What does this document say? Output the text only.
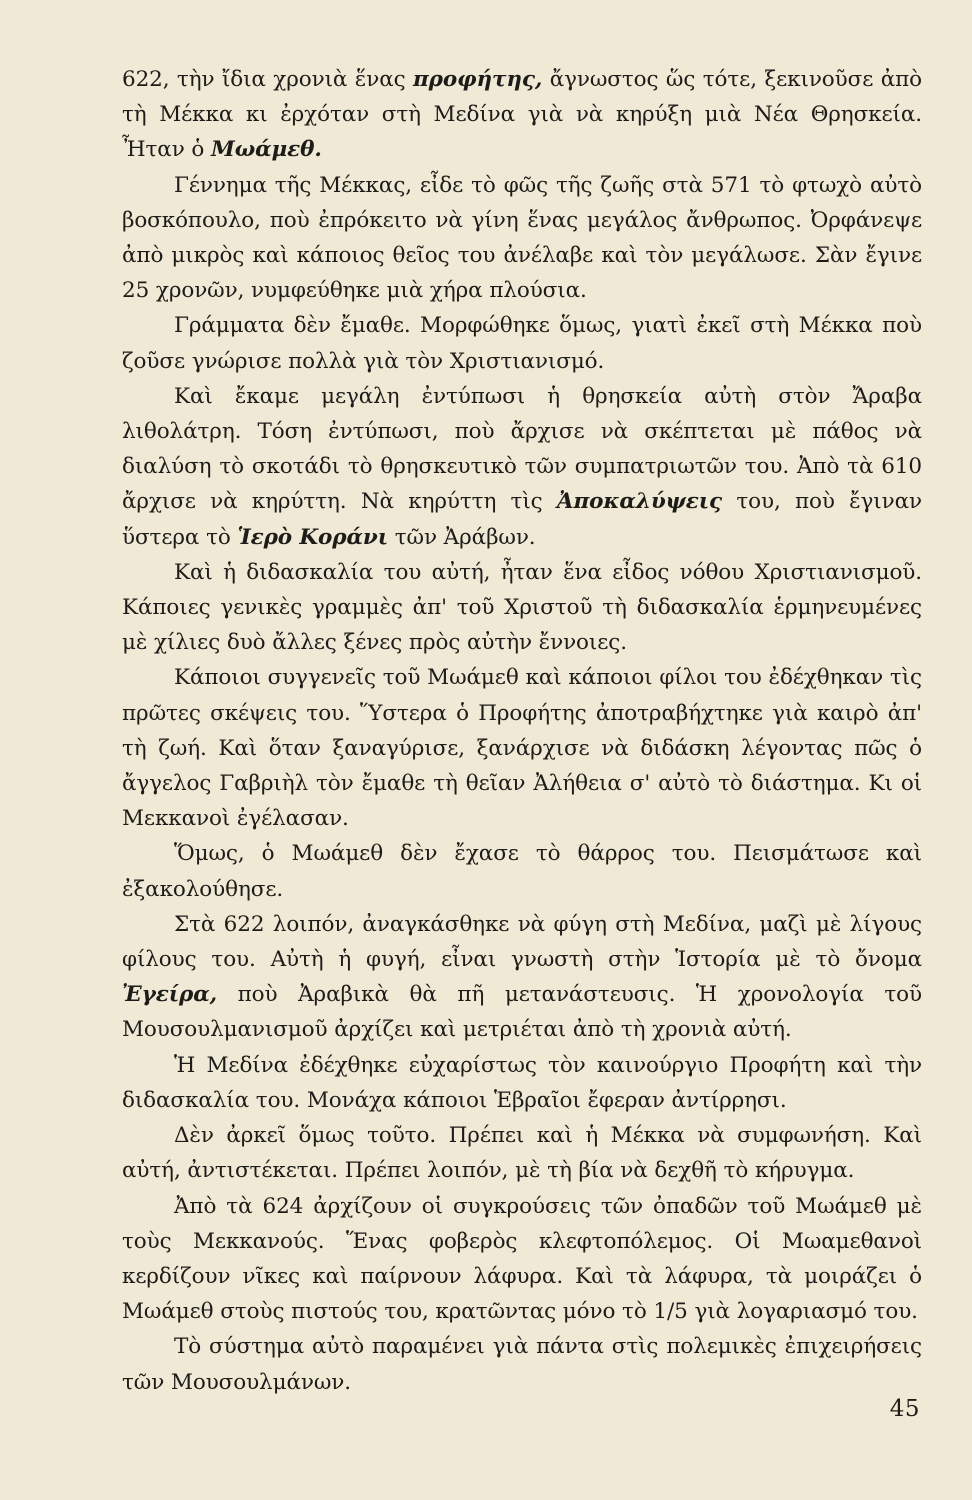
622, τὴν ἴδια χρονιὰ ἕνας προφήτης, ἄγνωστος ὥς τότε, ξεκινοῦσε ἀπὸ τὴ Μέκκα κι ἐρχόταν στὴ Μεδίνα γιὰ νὰ κηρύξη μιὰ Νέα Θρησκεία. Ἦταν ὁ Μωάμεθ.

Γέννημα τῆς Μέκκας, εἶδε τὸ φῶς τῆς ζωῆς στὰ 571 τὸ φτωχὸ αὐτὸ βοσκόπουλο, ποὺ ἐπρόκειτο νὰ γίνη ἕνας μεγάλος ἄνθρωπος. Ὀρφάνεψε ἀπὸ μικρὸς καὶ κάποιος θεῖος του ἀνέλαβε καὶ τὸν μεγάλωσε. Σὰν ἔγινε 25 χρονῶν, νυμφεύθηκε μιὰ χήρα πλούσια.

Γράμματα δὲν ἔμαθε. Μορφώθηκε ὅμως, γιατὶ ἐκεῖ στὴ Μέκκα ποὺ ζοῦσε γνώρισε πολλὰ γιὰ τὸν Χριστιανισμό.

Καὶ ἔκαμε μεγάλη ἐντύπωσι ἡ θρησκεία αὐτὴ στὸν Ἄραβα λιθολάτρη. Τόση ἐντύπωσι, ποὺ ἄρχισε νὰ σκέπτεται μὲ πάθος νὰ διαλύση τὸ σκοτάδι τὸ θρησκευτικὸ τῶν συμπατριωτῶν του. Ἀπὸ τὰ 610 ἄρχισε νὰ κηρύττη. Νὰ κηρύττη τὶς Ἀποκαλύψεις του, ποὺ ἔγιναν ὕστερα τὸ Ἱερὸ Κοράνι τῶν Ἀράβων.

Καὶ ἡ διδασκαλία του αὐτή, ἦταν ἕνα εἶδος νόθου Χριστιανισμοῦ. Κάποιες γενικὲς γραμμὲς ἀπ' τοῦ Χριστοῦ τὴ διδασκαλία ἑρμηνευμένες μὲ χίλιες δυὸ ἄλλες ξένες πρὸς αὐτὴν ἔννοιες.

Κάποιοι συγγενεῖς τοῦ Μωάμεθ καὶ κάποιοι φίλοι του ἐδέχθηκαν τὶς πρῶτες σκέψεις του. Ὕστερα ὁ Προφήτης ἀποτραβήχτηκε γιὰ καιρὸ ἀπ' τὴ ζωή. Καὶ ὅταν ξαναγύρισε, ξανάρχισε νὰ διδάσκη λέγοντας πῶς ὁ ἄγγελος Γαβριὴλ τὸν ἔμαθε τὴ θεῖαν Ἀλήθεια σ' αὐτὸ τὸ διάστημα. Κι οἱ Μεκκανοὶ ἐγέλασαν.

Ὅμως, ὁ Μωάμεθ δὲν ἔχασε τὸ θάρρος του. Πεισμάτωσε καὶ ἐξακολούθησε.

Στὰ 622 λοιπόν, ἀναγκάσθηκε νὰ φύγη στὴ Μεδίνα, μαζὶ μὲ λίγους φίλους του. Αὐτὴ ἡ φυγή, εἶναι γνωστὴ στὴν Ἱστορία μὲ τὸ ὄνομα Ἐγείρα, ποὺ Ἀραβικὰ θὰ πῆ μετανάστευσις. Ἡ χρονολογία τοῦ Μουσουλμανισμοῦ ἀρχίζει καὶ μετριέται ἀπὸ τὴ χρονιὰ αὐτή.

Ἡ Μεδίνα ἐδέχθηκε εὐχαρίστως τὸν καινούργιο Προφήτη καὶ τὴν διδασκαλία του. Μονάχα κάποιοι Ἑβραῖοι ἔφεραν ἀντίρρησι.

Δὲν ἀρκεῖ ὅμως τοῦτο. Πρέπει καὶ ἡ Μέκκα νὰ συμφωνήση. Καὶ αὐτή, ἀντιστέκεται. Πρέπει λοιπόν, μὲ τὴ βία νὰ δεχθῆ τὸ κήρυγμα.

Ἀπὸ τὰ 624 ἀρχίζουν οἱ συγκρούσεις τῶν ὀπαδῶν τοῦ Μωάμεθ μὲ τοὺς Μεκκανούς. Ἕνας φοβερὸς κλεφτοπόλεμος. Οἱ Μωαμεθανοὶ κερδίζουν νῖκες καὶ παίρνουν λάφυρα. Καὶ τὰ λάφυρα, τὰ μοιράζει ὁ Μωάμεθ στοὺς πιστούς του, κρατῶντας μόνο τὸ 1/5 γιὰ λογαριασμό του.

Τὸ σύστημα αὐτὸ παραμένει γιὰ πάντα στὶς πολεμικὲς ἐπιχειρήσεις τῶν Μουσουλμάνων.

45
